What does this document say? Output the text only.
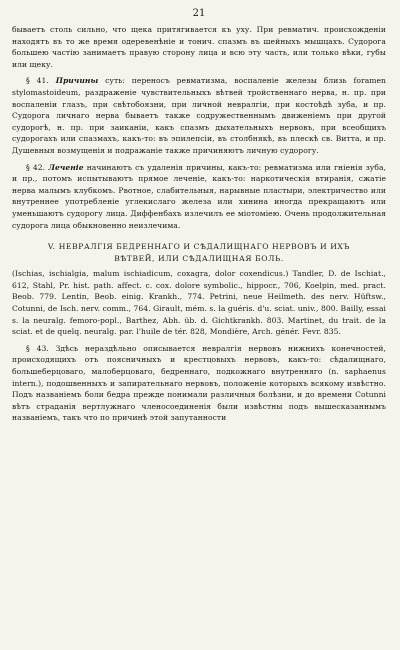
21

бываетъ столь сильно, что щека притягивается къ уху. При ревматич. происхожденіи находятъ въ то же время одеревенѣніе и тонич. спазмъ въ шейныхъ мышцахъ. Судорога большею частію занимаетъ правую сторону лица и всю эту часть, или только вѣки, губы или щеку.

§ 41. Причины суть: переносъ ревматизма, воспаленіе железы близь foramen stylomastoideum, раздраженіе чувствительныхъ вѣтвей тройственнаго нерва, н. пр. при воспаленіи глазъ, при свѣтобоязни, при личной невралгіи, при костоѣдѣ зуба, и пр. Судорога личнаго нерва бываетъ также содружественнымъ движеніемъ при другой судорогѣ, н. пр. при заиканіи, какъ спазмъ дыхательныхъ нервовъ, при всеобщихъ судорогахъ или спазмахъ, какъ-то: въ эпилепсіи, въ столбнякѣ, въ плескѣ св. Витта, и пр. Душевныя возмущенія и подражаніе также причиняютъ личную судорогу.

§ 42. Леченіе начинаютъ съ удаленія причины, какъ-то: ревматизма или гніенія зуба, и пр., потомъ испытываютъ прямое леченіе, какъ-то: наркотическія втиранія, сжатіе нерва малымъ клубкомъ. Рвотное, слабительныя, нарывные пластыри, электричество или внутреннее употребленіе углекислаго железа или хинина иногда прекращаютъ или уменьшаютъ судорогу лица. Диффенбахъ излечилъ ее міотоміею. Очень продолжительная судорога лица обыкновенно неизлечима.

V. НЕВРАЛГІЯ БЕДРЕННАГО И СѢДАЛИЩНАГО НЕРВОВЪ И ИХЪ
ВѢТВЕЙ, ИЛИ СѢДАЛИЩНАЯ БОЛЬ.

(Ischias, ischialgia, malum ischiadicum, coxagra, dolor coxendicus.) Tandler, D. de Ischiat., 612, Stahl, Pr. hist. path. affect. c. cox. dolore symbolic., hippocr., 706, Koelpin, med. pract. Beob. 779. Lentin, Beob. einig. Krankh., 774. Petrini, neue Heilmeth. des nerv. Hüftsw., Cotunni, de Isch. nerv. comm., 764. Girault, mém. s. la guéris. d'u. sciat. univ., 800. Bailly, essai s. la neuralg. femoro-popl., Barthez, Abh. üb. d. Gichtkrankh. 803. Martinet, du trait. de la sciat. et de quelq. neuralg. par. l'huile de tér. 828, Mondière, Arch. génér. Fevr. 835.

§ 43. Здѣсь нераздѣльно описывается невралгія нервовъ нижнихъ конечностей, происходящихъ отъ поясничныхъ и крестцовыхъ нервовъ, какъ-то: сѣдалищнаго, большеберцоваго, малоберцоваго, бедреннаго, подкожнаго внутренняго (n. saphaenus intern.), подошвенныхъ и запирательнаго нервовъ, положеніе которыхъ всякому извѣстно. Подъ названіемъ боли бедра прежде понимали различныя болѣзни, и до времени Cotunni вѣтъ страданія вертлужнаго членосоединенія были извѣстны подъ вышесказаннымъ названіемъ, такъ что по причинѣ этой запутанности
